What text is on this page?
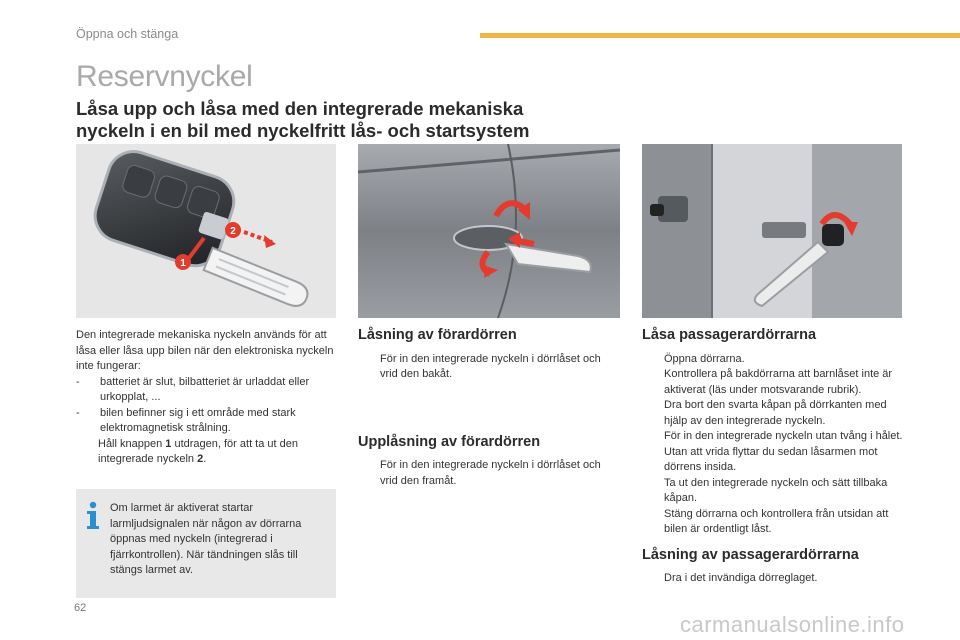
Öppna och stänga
Reservnyckel
Låsa upp och låsa med den integrerade mekaniska nyckeln i en bil med nyckelfritt lås- och startsystem
1
2

Den integrerade mekaniska nyckeln används för att låsa eller låsa upp bilen när den elektroniska nyckeln inte fungerar:

- batteriet är slut, bilbatteriet är urladdat eller urkopplat, ...
- bilen befinner sig i ett område med stark elektromagnetisk strålning.
Håll knappen 1 utdragen, för att ta ut den integrerade nyckeln 2.

Om larmet är aktiverat startar larmljudsignalen när någon av dörrarna öppnas med nyckeln (integrerad i fjärrkontrollen). När tändningen slås till stängs larmet av.

Låsning av förardörren
För in den integrerade nyckeln i dörrlåset och vrid den bakåt.
Upplåsning av förardörren
För in den integrerade nyckeln i dörrlåset och vrid den framåt.
Låsa passagerardörrarna
Öppna dörrarna.
Kontrollera på bakdörrarna att barnlåset inte är aktiverat (läs under motsvarande rubrik).
Dra bort den svarta kåpan på dörrkanten med hjälp av den integrerade nyckeln.
För in den integrerade nyckeln utan tvång i hålet. Utan att vrida flyttar du sedan låsarmen mot dörrens insida.
Ta ut den integrerade nyckeln och sätt tillbaka kåpan.
Stäng dörrarna och kontrollera från utsidan att bilen är ordentligt låst.
Låsning av passagerardörrarna
Dra i det invändiga dörreglaget.
62
carmanualsonline.info
